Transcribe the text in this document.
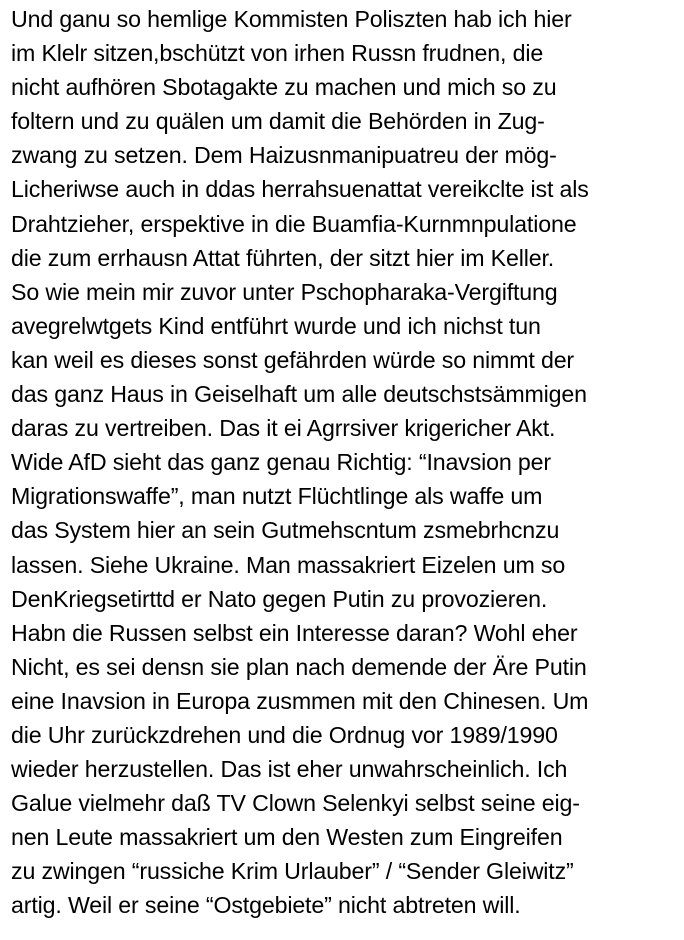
Und ganu so hemlige Kommisten Poliszten hab ich hier
im Klelr sitzen,bschützt von irhen Russn frudnen, die
nicht aufhören Sbotagakte zu machen und mich so zu
foltern und zu quälen um damit die Behörden in Zug-
zwang zu setzen. Dem Haizusnmanipuatreu der mög-
Licheriwse auch in ddas herrahsuenattat vereikclte ist als
Drahtzieher, erspektive in die Buamfia-Kurnmnpulatione
die zum errhausn Attat führten, der sitzt hier im Keller.
So wie mein mir zuvor unter Pschopharaka-Vergiftung
avegrelwtgets Kind entführt wurde und ich nichst tun
kan weil es dieses sonst gefährden würde so nimmt der
das ganz Haus in Geiselhaft um alle deutschstsämmigen
daras zu vertreiben. Das it ei Agrrsiver krigericher Akt.
Wide AfD sieht das ganz genau Richtig: “Inavsion per
Migrationswaffe”, man nutzt Flüchtlinge als waffe um
das System hier an sein Gutmehscntum zsmebrhcnzu
lassen. Siehe Ukraine. Man massakriert Eizelen um so
DenKriegsetirttd er Nato gegen Putin zu provozieren.
Habn die Russen selbst ein Interesse daran? Wohl eher
Nicht, es sei densn sie plan nach demende der Äre Putin
eine Inavsion in Europa zusmmen mit den Chinesen. Um
die Uhr zurückzdrehen und die Ordnug vor 1989/1990
wieder herzustellen. Das ist eher unwahrscheinlich. Ich
Galue vielmehr daß TV Clown Selenkyi selbst seine eig-
nen Leute massakriert um den Westen zum Eingreifen
zu zwingen “russiche Krim Urlauber” / “Sender Gleiwitz”
artig. Weil er seine “Ostgebiete” nicht abtreten will.
